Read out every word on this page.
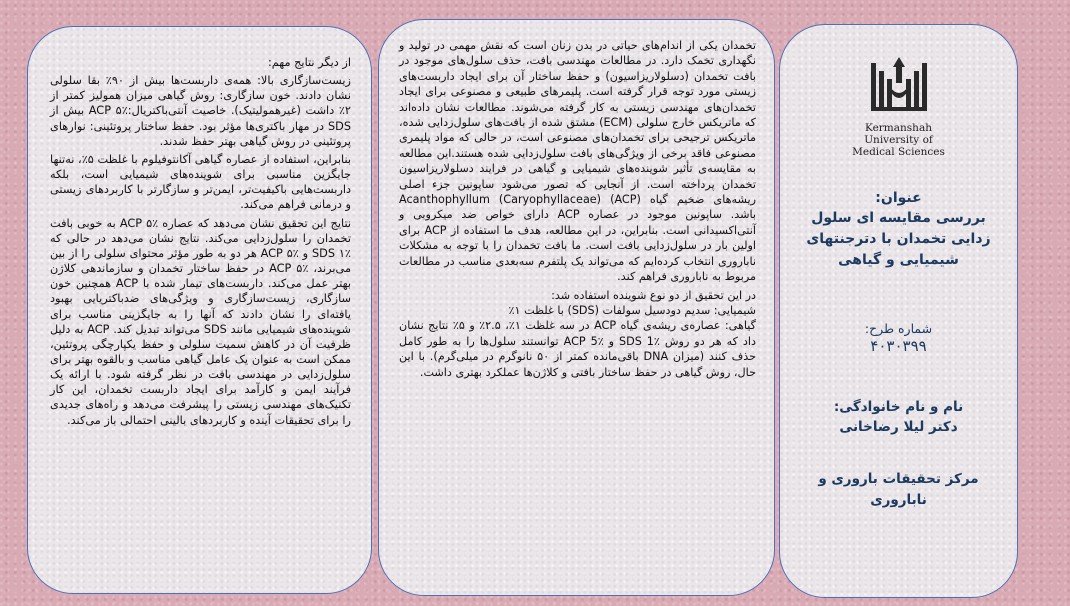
از دیگر نتایج مهم:

زیست‌سازگاری بالا: همه‌ی داربست‌ها بیش از ۹۰٪ بقا سلولی نشان دادند. خون سازگاری: روش گیاهی میزان همولیز کمتر از ۲٪ داشت (غیرهمولیتیک). خاصیت آنتی‌باکتریال:ACP ۵٪ بیش از SDS در مهار باکتری‌ها مؤثر بود. حفظ ساختار پروتئینی: نوارهای پروتئینی در روش گیاهی بهتر حفظ شدند.

بنابراین، استفاده از عصاره گیاهی آکانتوفیلوم با غلظت ۵٪، نه‌تنها جایگزین مناسبی برای شوینده‌های شیمیایی است، بلکه داربست‌هایی باکیفیت‌تر، ایمن‌تر و سازگارتر با کاربردهای زیستی و درمانی فراهم می‌کند.

نتایج این تحقیق نشان می‌دهد که عصاره ACP ۵٪ به خوبی بافت تخمدان را سلول‌زدایی می‌کند. نتایج نشان می‌دهد در حالی که SDS ۱٪ و ACP ۵٪ هر دو به طور مؤثر محتوای سلولی را از بین می‌برند، ACP ۵٪ در حفظ ساختار تخمدان و سازماندهی کلاژن بهتر عمل می‌کند. داربست‌های تیمار شده با ACP همچنین خون سازگاری، زیست‌سازگاری و ویژگی‌های ضدباکتریایی بهبود یافته‌ای را نشان دادند که آنها را به جایگزینی مناسب برای شوینده‌های شیمیایی مانند SDS می‌تواند تبدیل کند. ACP به دلیل ظرفیت آن در کاهش سمیت سلولی و حفظ یکپارچگی پروتئین، ممکن است به عنوان یک عامل گیاهی مناسب و بالقوه بهتر برای سلول‌زدایی در مهندسی بافت در نظر گرفته شود. با ارائه یک فرآیند ایمن و کارآمد برای ایجاد داربست تخمدان، این کار تکنیک‌های مهندسی زیستی را پیشرفت می‌دهد و راه‌های جدیدی را برای تحقیقات آینده و کاربردهای بالینی احتمالی باز می‌کند.

تخمدان یکی از اندام‌های حیاتی در بدن زنان است که نقش مهمی در تولید و نگهداری تخمک دارد. در مطالعات مهندسی بافت، حذف سلول‌های موجود در بافت تخمدان (دسلولاریزاسیون) و حفظ ساختار آن برای ایجاد داربست‌های زیستی مورد توجه قرار گرفته است. پلیمرهای طبیعی و مصنوعی برای ایجاد تخمدان‌های مهندسی زیستی به کار گرفته می‌شوند. مطالعات نشان داده‌اند که ماتریکس خارج سلولی (ECM) مشتق شده از بافت‌های سلول‌زدایی شده، ماتریکس ترجیحی برای تخمدان‌های مصنوعی است، در حالی که مواد پلیمری مصنوعی فاقد برخی از ویژگی‌های بافت سلول‌زدایی شده هستند.این مطالعه به مقایسه‌ی تأثیر شوینده‌های شیمیایی و گیاهی در فرایند دسلولاریزاسیون تخمدان پرداخته است. از آنجایی که تصور می‌شود ساپونین جزء اصلی ریشه‌های ضخیم گیاه Acanthophyllum (Caryophyllaceae) (ACP) باشد. ساپونین موجود در عصاره ACP دارای خواص ضد میکروبی و آنتی‌اکسیدانی است. بنابراین، در این مطالعه، هدف ما استفاده از ACP برای اولین بار در سلول‌زدایی بافت است. ما بافت تخمدان را با توجه به مشکلات ناباروری انتخاب کرده‌ایم که می‌تواند یک پلتفرم سه‌بعدی مناسب در مطالعات مربوط به ناباروری فراهم کند.

در این تحقیق از دو نوع شوینده استفاده شد:

شیمیایی: سدیم دودسیل سولفات (SDS) با غلظت ۱٪

گیاهی: عصاره‌ی ریشه‌ی گیاه ACP در سه غلظت ۱٪، ۲.۵٪ و ۵٪ نتایج نشان داد که هر دو روش SDS 1٪ و ACP 5٪ توانستند سلول‌ها را به طور کامل حذف کنند (میزان DNA باقی‌مانده کمتر از ۵۰ نانوگرم در میلی‌گرم). با این حال، روش گیاهی در حفظ ساختار بافتی و کلاژن‌ها عملکرد بهتری داشت.

Kermanshah
University of
Medical Sciences
عنوان:
بررسی مقایسه ای سلول زدایی تخمدان با دترجنتهای شیمیایی و گیاهی
شماره طرح:
۴۰۳۰۳۹۹
نام و نام خانوادگی:
دکتر لیلا رضاخانی
مرکز تحقیقات باروری و ناباروری
